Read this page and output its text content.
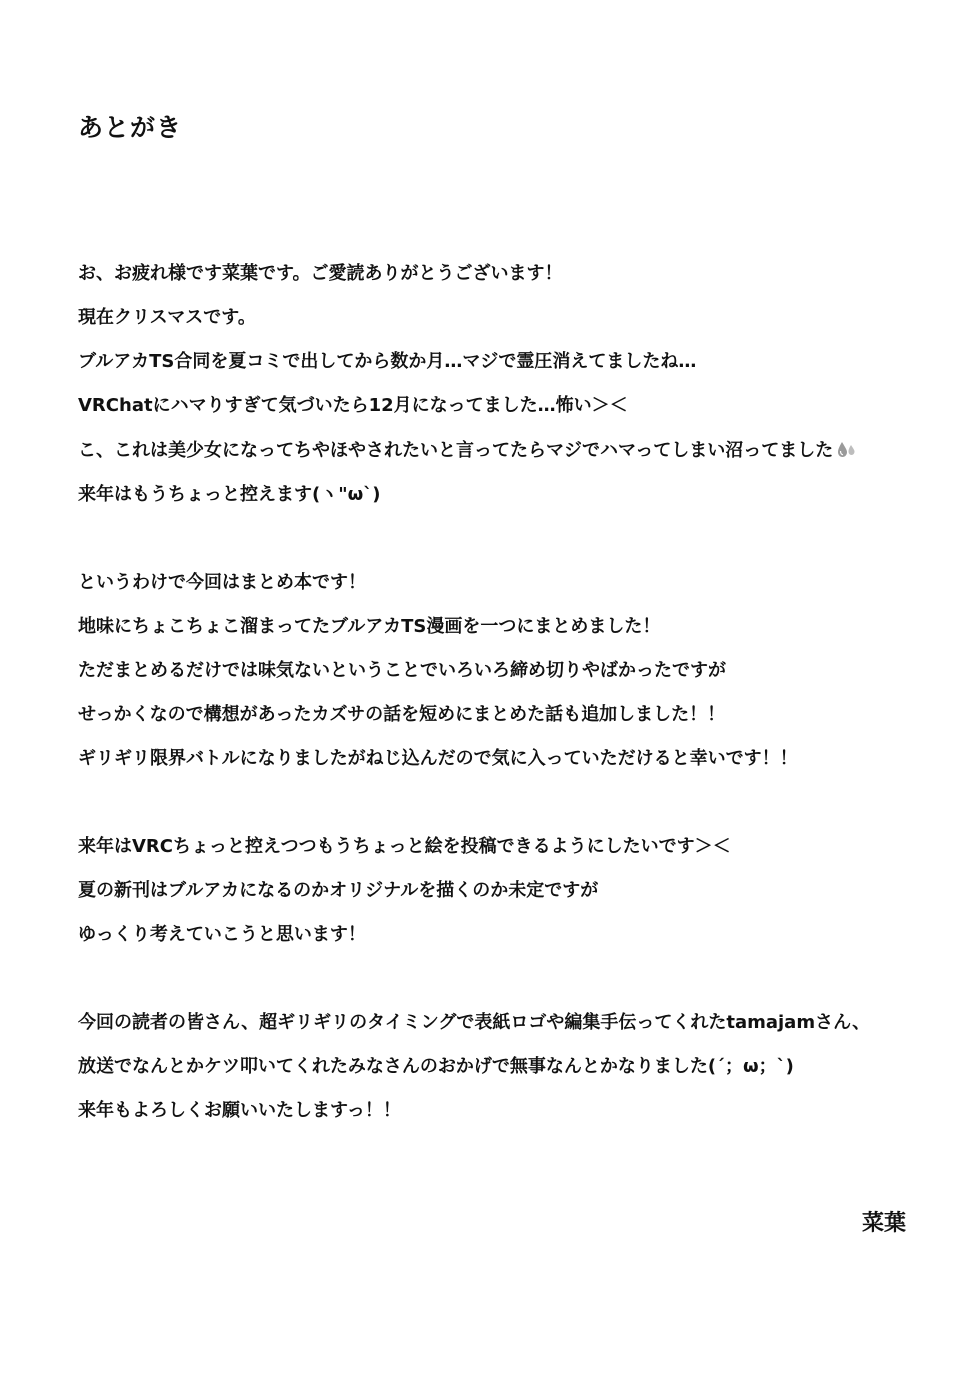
あとがき
お、お疲れ様です菜葉です。ご愛読ありがとうございます！
現在クリスマスです。
ブルアカTS合同を夏コミで出してから数か月…マジで霊圧消えてましたね…
VRChatにハマりすぎて気づいたら12月になってました…怖い＞＜
こ、これは美少女になってちやほやされたいと言ってたらマジでハマってしまい沼ってました
来年はもうちょっと控えます(ヽ"ω`)
というわけで今回はまとめ本です！
地味にちょこちょこ溜まってたブルアカTS漫画を一つにまとめました！
ただまとめるだけでは味気ないということでいろいろ締め切りやばかったですが
せっかくなので構想があったカズサの話を短めにまとめた話も追加しました！！
ギリギリ限界バトルになりましたがねじ込んだので気に入っていただけると幸いです！！
来年はVRCちょっと控えつつもうちょっと絵を投稿できるようにしたいです＞＜
夏の新刊はブルアカになるのかオリジナルを描くのか未定ですが
ゆっくり考えていこうと思います！
今回の読者の皆さん、超ギリギリのタイミングで表紙ロゴや編集手伝ってくれたtamajamさん、
放送でなんとかケツ叩いてくれたみなさんのおかげで無事なんとかなりました(´；ω；`)
来年もよろしくお願いいたしますっ！！
菜葉
